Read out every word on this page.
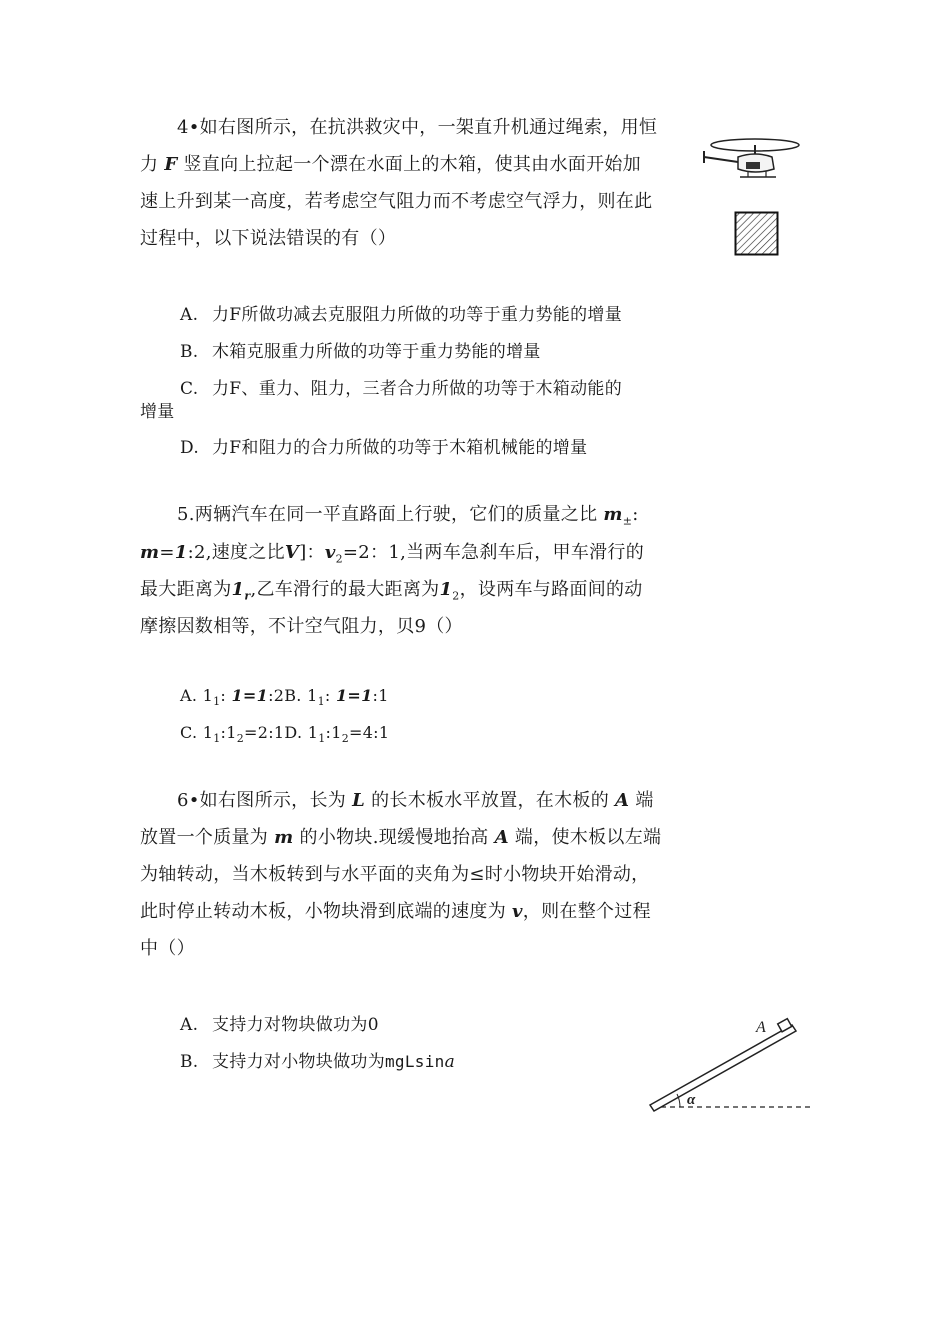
4•如右图所示，在抗洪救灾中，一架直升机通过绳索，用恒
力 F 竖直向上拉起一个漂在水面上的木箱，使其由水面开始加
速上升到某一高度，若考虑空气阻力而不考虑空气浮力，则在此
过程中，以下说法错误的有（）
A. 力F所做功减去克服阻力所做的功等于重力势能的增量
B. 木箱克服重力所做的功等于重力势能的增量
C. 力F、重力、阻力，三者合力所做的功等于木箱动能的
增量
D. 力F和阻力的合力所做的功等于木箱机械能的增量
5.两辆汽车在同一平直路面上行驶，它们的质量之比 $m_\pm$:
m=1:2,速度之比V]：$v_2=2$：1,当两车急刹车后，甲车滑行的
最大距离为$1_r$,乙车滑行的最大距离为$1_2$，设两车与路面间的动
摩擦因数相等，不计空气阻力，贝9（）
A. $1_1$: 1=1:2B. $1_1$: 1=1:1
C. $1_1:1_2=2:1D$. $1_1:1_2=4:1$
6•如右图所示，长为 L 的长木板水平放置，在木板的 A 端
放置一个质量为 m 的小物块.现缓慢地抬高 A 端，使木板以左端
为轴转动，当木板转到与水平面的夹角为≤时小物块开始滑动，
此时停止转动木板，小物块滑到底端的速度为 v，则在整个过程
中（）
A. 支持力对物块做功为0
B. 支持力对小物块做功为mgLsina
A
α
